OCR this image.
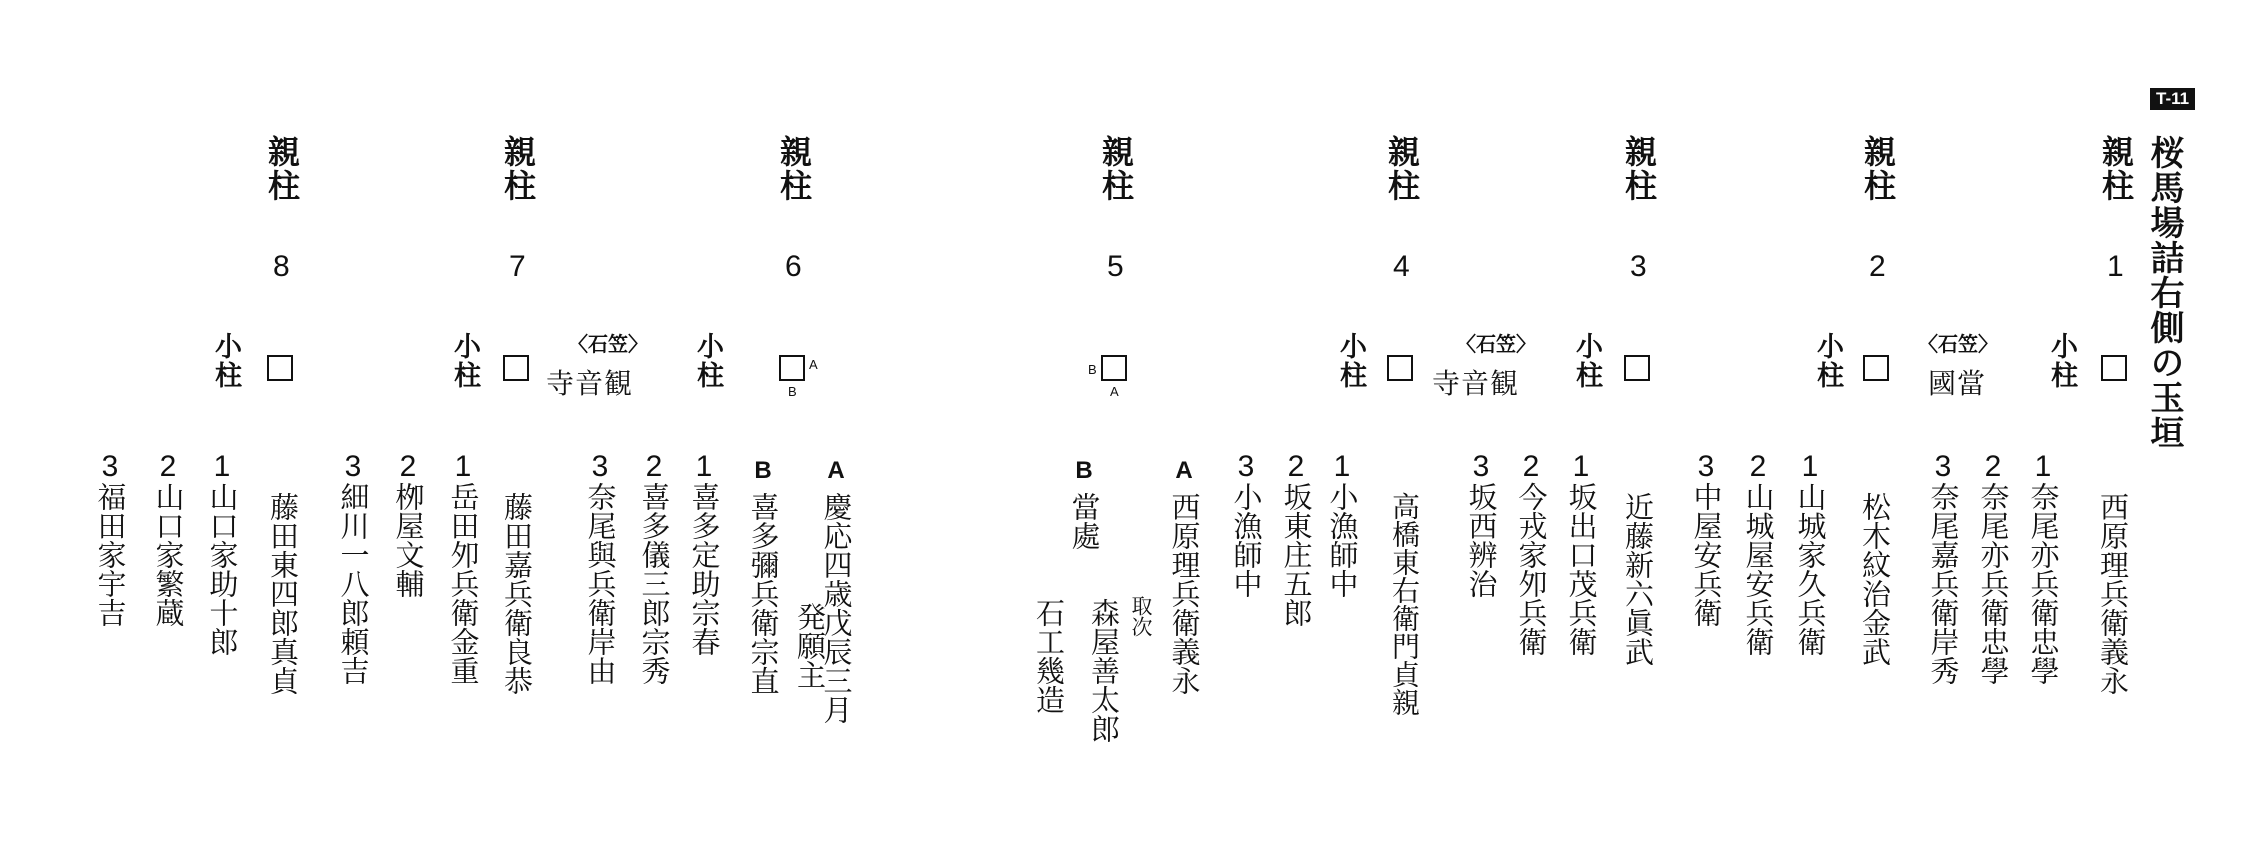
T-11
桜馬場詰右側の玉垣
親柱
1
親柱
2
親柱
3
親柱
4
親柱
5
親柱
6
親柱
7
親柱
8
B
A
A
B
小柱
小柱
小柱
小柱
小柱
小柱
小柱	〈石笠〉
國當
〈石笠〉
寺音観
〈石笠〉
寺音観
西原理兵衛義永
松木紋治金武
近藤新六眞武
高橋東右衛門貞親
藤田嘉兵衛良恭
藤田東四郎真貞
1
奈尾亦兵衛忠學
2
奈尾亦兵衛忠學
3
奈尾嘉兵衛岸秀
1
山城家久兵衛
2
山城屋安兵衛
3
中屋安兵衛
1
坂出口茂兵衛
2
今戎家夘兵衛
3
坂西辨治
1
小漁師中
2
坂東庄五郎
3
小漁師中
A
西原理兵衛義永
取次
森屋善太郎
B
當處
石工幾造
A
慶応四歳戊辰三月
発願主
B
喜多彌兵衛宗直
1
喜多定助宗春
2
喜多儀三郎宗秀
3
奈尾與兵衛岸由
1
岳田夘兵衛金重
2
栁屋文輔
3
細川一八郎頼吉
1
山口家助十郎
2
山口家繁蔵
3
福田家宇吉
